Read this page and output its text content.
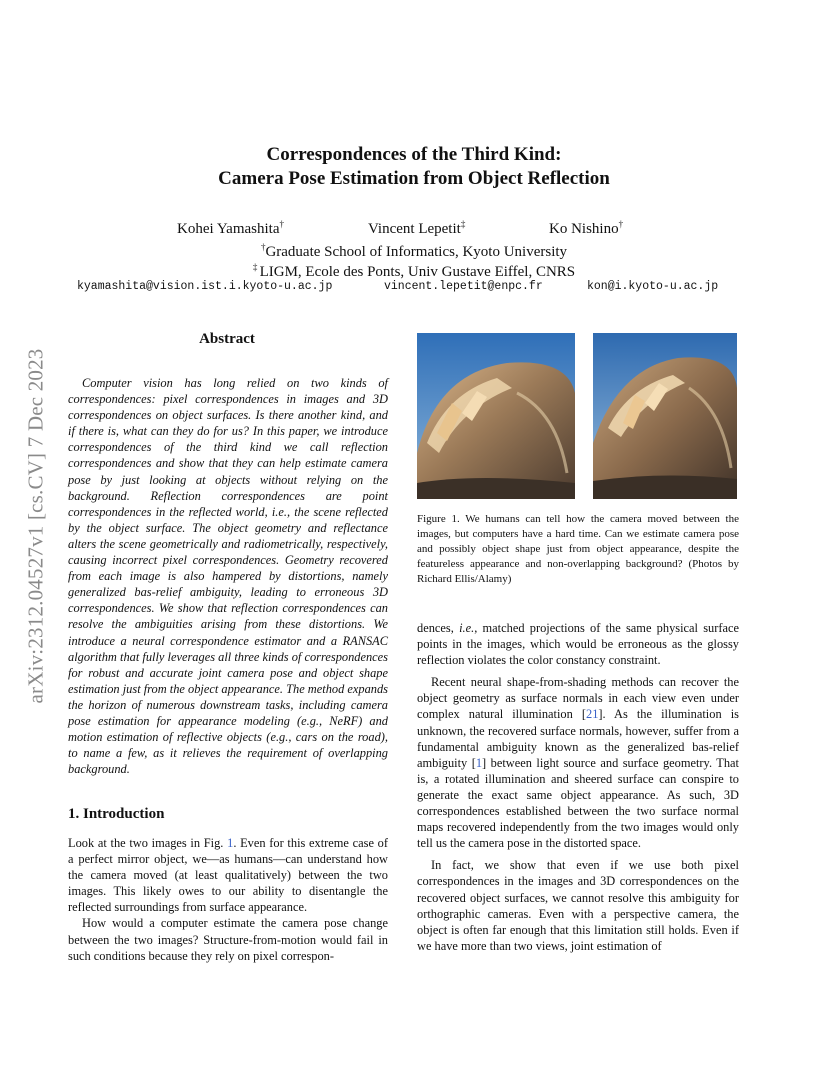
arXiv:2312.04527v1 [cs.CV] 7 Dec 2023
Correspondences of the Third Kind:
Camera Pose Estimation from Object Reflection
Kohei Yamashita†	Vincent Lepetit‡	Ko Nishino†
†Graduate School of Informatics, Kyoto University
‡ LIGM, Ecole des Ponts, Univ Gustave Eiffel, CNRS
kyamashita@vision.ist.i.kyoto-u.ac.jp	vincent.lepetit@enpc.fr	kon@i.kyoto-u.ac.jp
Abstract
Computer vision has long relied on two kinds of correspondences: pixel correspondences in images and 3D correspondences on object surfaces. Is there another kind, and if there is, what can they do for us? In this paper, we introduce correspondences of the third kind we call reflection correspondences and show that they can help estimate camera pose by just looking at objects without relying on the background. Reflection correspondences are point correspondences in the reflected world, i.e., the scene reflected by the object surface. The object geometry and reflectance alters the scene geometrically and radiometrically, respectively, causing incorrect pixel correspondences. Geometry recovered from each image is also hampered by distortions, namely generalized bas-relief ambiguity, leading to erroneous 3D correspondences. We show that reflection correspondences can resolve the ambiguities arising from these distortions. We introduce a neural correspondence estimator and a RANSAC algorithm that fully leverages all three kinds of correspondences for robust and accurate joint camera pose and object shape estimation just from the object appearance. The method expands the horizon of numerous downstream tasks, including camera pose estimation for appearance modeling (e.g., NeRF) and motion estimation of reflective objects (e.g., cars on the road), to name a few, as it relieves the requirement of overlapping background.
1. Introduction

Look at the two images in Fig. 1. Even for this extreme case of a perfect mirror object, we—as humans—can understand how the camera moved (at least qualitatively) between the two images. This likely owes to our ability to disentangle the reflected surroundings from surface appearance.

How would a computer estimate the camera pose change between the two images? Structure-from-motion would fail in such conditions because they rely on pixel correspon-

Figure 1. We humans can tell how the camera moved between the images, but computers have a hard time. Can we estimate camera pose and possibly object shape just from object appearance, despite the featureless appearance and non-overlapping background? (Photos by Richard Ellis/Alamy)

dences, i.e., matched projections of the same physical surface points in the images, which would be erroneous as the glossy reflection violates the color constancy constraint.

Recent neural shape-from-shading methods can recover the object geometry as surface normals in each view even under complex natural illumination [21]. As the illumination is unknown, the recovered surface normals, however, suffer from a fundamental ambiguity known as the generalized bas-relief ambiguity [1] between light source and surface geometry. That is, a rotated illumination and sheered surface can conspire to generate the exact same object appearance. As such, 3D correspondences established between the two surface normal maps recovered independently from the two images would only tell us the camera pose in the distorted space.

In fact, we show that even if we use both pixel correspondences in the images and 3D correspondences on the recovered object surfaces, we cannot resolve this ambiguity for orthographic cameras. Even with a perspective camera, the object is often far enough that this limitation still holds. Even if we have more than two views, joint estimation of
